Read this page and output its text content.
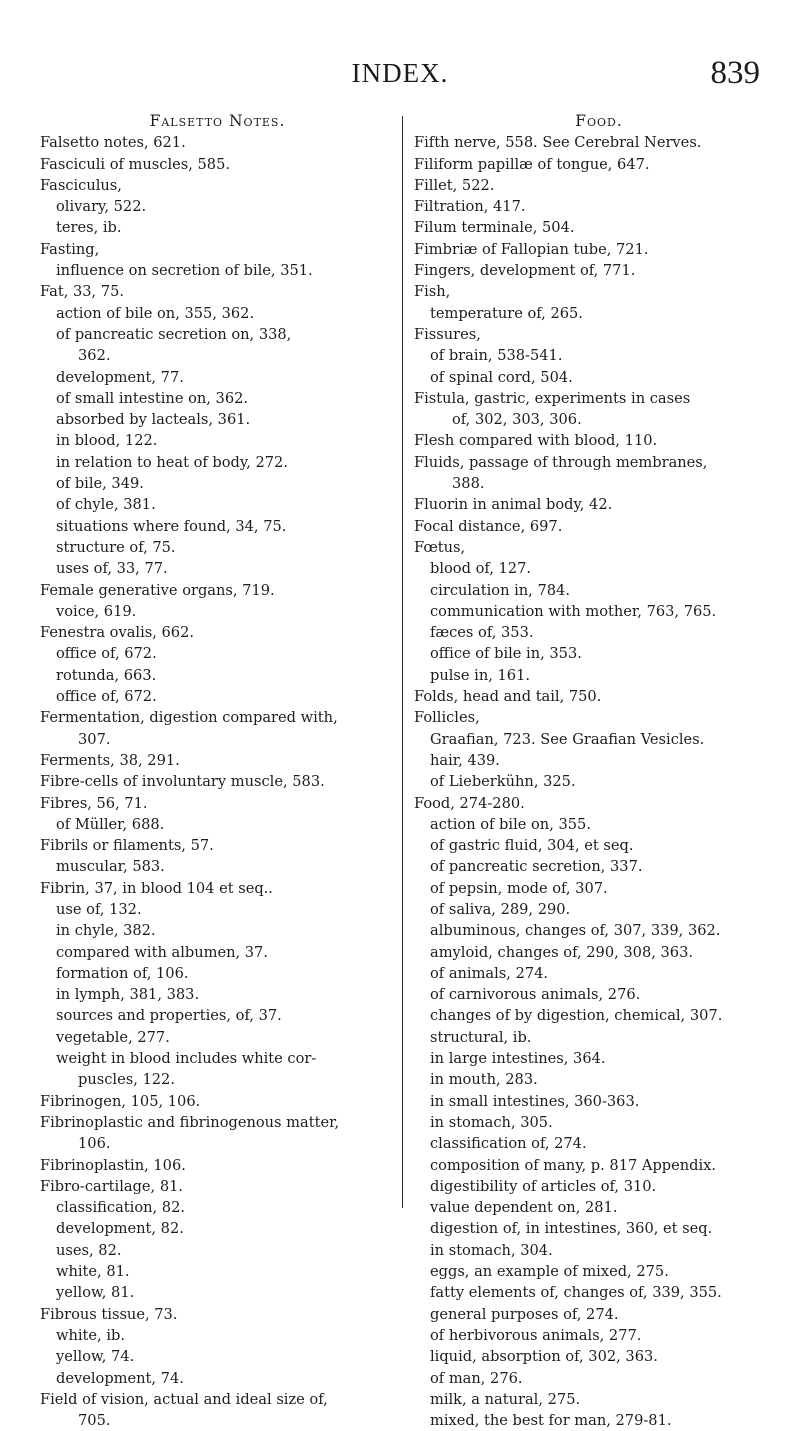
INDEX.	839
Falsetto Notes.
Falsetto notes, 621.
Fasciculi of muscles, 585.
Fasciculus,
olivary, 522.
teres, ib.
Fasting,
influence on secretion of bile, 351.
Fat, 33, 75.
action of bile on, 355, 362.
of pancreatic secretion on, 338,
362.
development, 77.
of small intestine on, 362.
absorbed by lacteals, 361.
in blood, 122.
in relation to heat of body, 272.
of bile, 349.
of chyle, 381.
situations where found, 34, 75.
structure of, 75.
uses of, 33, 77.
Female generative organs, 719.
voice, 619.
Fenestra ovalis, 662.
office of, 672.
rotunda, 663.
office of, 672.
Fermentation, digestion compared with,
307.
Ferments, 38, 291.
Fibre-cells of involuntary muscle, 583.
Fibres, 56, 71.
of Müller, 688.
Fibrils or filaments, 57.
muscular, 583.
Fibrin, 37, in blood 104 et seq..
use of, 132.
in chyle, 382.
compared with albumen, 37.
formation of, 106.
in lymph, 381, 383.
sources and properties, of, 37.
vegetable, 277.
weight in blood includes white cor-
puscles, 122.
Fibrinogen, 105, 106.
Fibrinoplastic and fibrinogenous matter,
106.
Fibrinoplastin, 106.
Fibro-cartilage, 81.
classification, 82.
development, 82.
uses, 82.
white, 81.
yellow, 81.
Fibrous tissue, 73.
white, ib.
yellow, 74.
development, 74.
Field of vision, actual and ideal size of,
705.
Food.
Fifth nerve, 558. See Cerebral Nerves.
Filiform papillæ of tongue, 647.
Fillet, 522.
Filtration, 417.
Filum terminale, 504.
Fimbriæ of Fallopian tube, 721.
Fingers, development of, 771.
Fish,
temperature of, 265.
Fissures,
of brain, 538-541.
of spinal cord, 504.
Fistula, gastric, experiments in cases
of, 302, 303, 306.
Flesh compared with blood, 110.
Fluids, passage of through membranes,
388.
Fluorin in animal body, 42.
Focal distance, 697.
Fœtus,
blood of, 127.
circulation in, 784.
communication with mother, 763, 765.
fæces of, 353.
office of bile in, 353.
pulse in, 161.
Folds, head and tail, 750.
Follicles,
Graafian, 723. See Graafian Vesicles.
hair, 439.
of Lieberkühn, 325.
Food, 274-280.
action of bile on, 355.
of gastric fluid, 304, et seq.
of pancreatic secretion, 337.
of pepsin, mode of, 307.
of saliva, 289, 290.
albuminous, changes of, 307, 339, 362.
amyloid, changes of, 290, 308, 363.
of animals, 274.
of carnivorous animals, 276.
changes of by digestion, chemical, 307.
structural, ib.
in large intestines, 364.
in mouth, 283.
in small intestines, 360-363.
in stomach, 305.
classification of, 274.
composition of many, p. 817 Appendix.
digestibility of articles of, 310.
value dependent on, 281.
digestion of, in intestines, 360, et seq.
in stomach, 304.
eggs, an example of mixed, 275.
fatty elements of, changes of, 339, 355.
general purposes of, 274.
of herbivorous animals, 277.
liquid, absorption of, 302, 363.
of man, 276.
milk, a natural, 275.
mixed, the best for man, 279-81.
